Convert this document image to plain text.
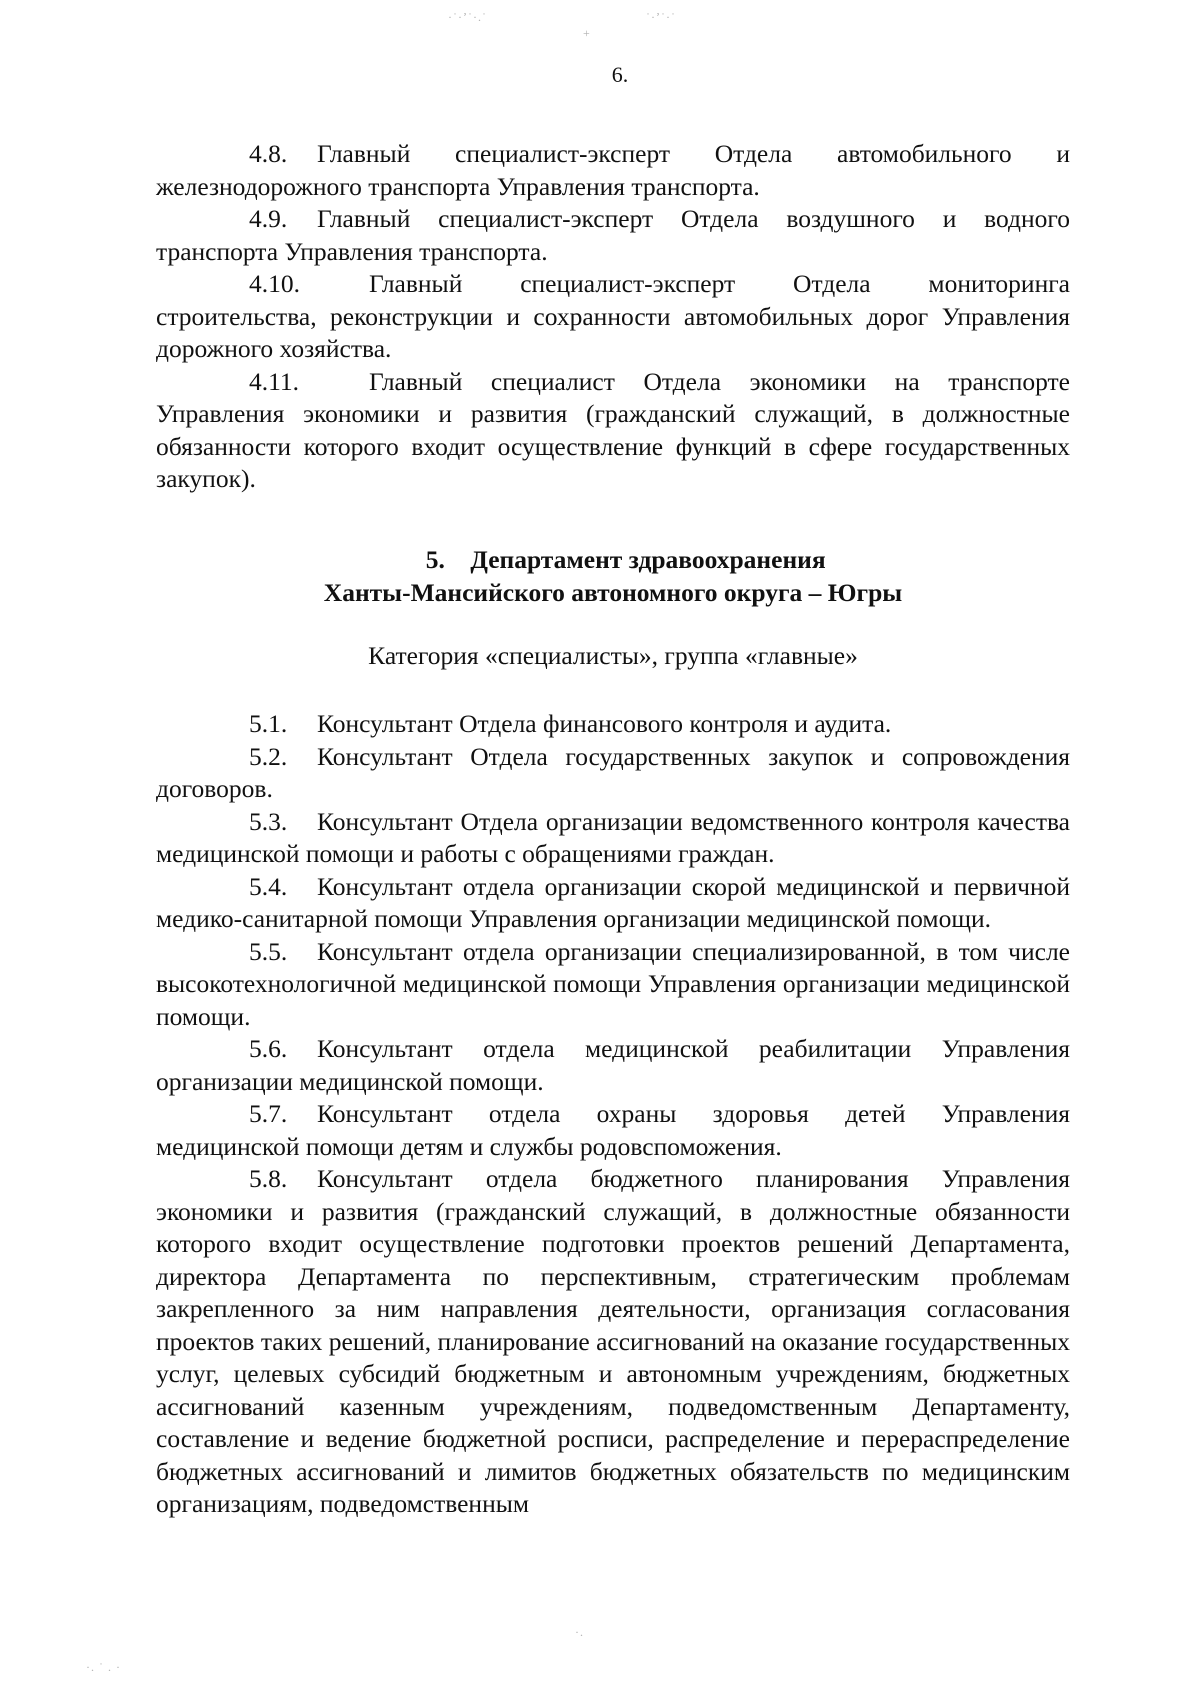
·˙·ʼ˙·.˙	˙·ʼ˙·˙
+
6.

4.8. Главный специалист-эксперт Отдела автомобильного и железнодорожного транспорта Управления транспорта.

4.9. Главный специалист-эксперт Отдела воздушного и водного транспорта Управления транспорта.

4.10.	Главный специалист-эксперт Отдела мониторинга строительства, реконструкции и сохранности автомобильных дорог Управления дорожного хозяйства.

4.11.	Главный специалист Отдела экономики на транспорте Управления экономики и развития (гражданский служащий, в должностные обязанности которого входит осуществление функций в сфере государственных закупок).

5. Департамент здравоохранения
Ханты-Мансийского автономного округа – Югры
Категория «специалисты», группа «главные»

5.1. Консультант Отдела финансового контроля и аудита.

5.2. Консультант Отдела государственных закупок и сопровождения договоров.

5.3. Консультант Отдела организации ведомственного контроля качества медицинской помощи и работы с обращениями граждан.

5.4. Консультант отдела организации скорой медицинской и первичной медико-санитарной помощи Управления организации медицинской помощи.

5.5. Консультант отдела организации специализированной, в том числе высокотехнологичной медицинской помощи Управления организации медицинской помощи.

5.6. Консультант отдела медицинской реабилитации Управления организации медицинской помощи.

5.7. Консультант отдела охраны здоровья детей Управления медицинской помощи детям и службы родовспоможения.

5.8. Консультант отдела бюджетного планирования Управления экономики и развития (гражданский служащий, в должностные обязанности которого входит осуществление подготовки проектов решений Департамента, директора Департамента по перспективным, стратегическим проблемам закрепленного за ним направления деятельности, организация согласования проектов таких решений, планирование ассигнований на оказание государственных услуг, целевых субсидий бюджетным и автономным учреждениям, бюджетных ассигнований казенным учреждениям, подведомственным Департаменту, составление и ведение бюджетной росписи, распределение и перераспределение бюджетных ассигнований и лимитов бюджетных обязательств по медицинским организациям, подведомственным

·.
·. ˙ . ·
